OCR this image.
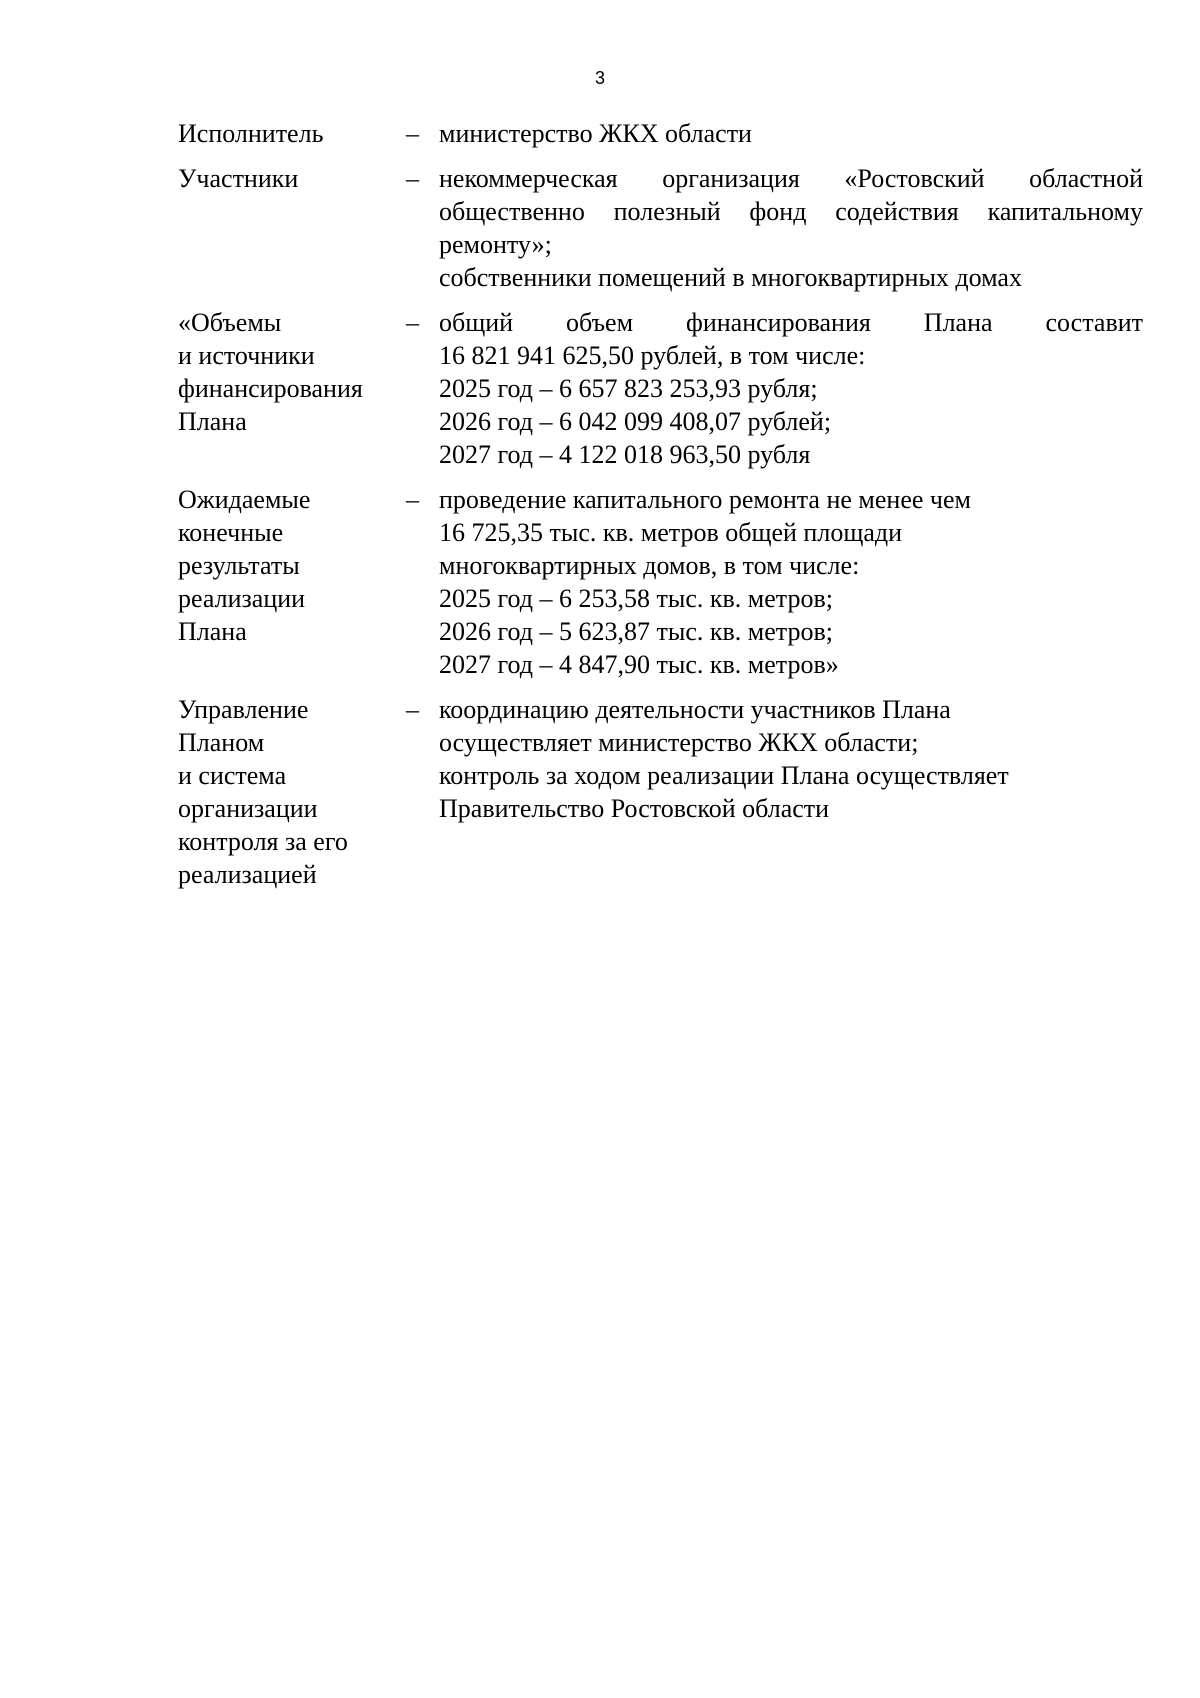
3
Исполнитель	– министерство ЖКХ области
Участники	– некоммерческая организация «Ростовский областной
общественно полезный фонд содействия капитальному
ремонту»;
собственники помещений в многоквартирных домах
«Объемы
и источники
финансирования
Плана
– общий объем финансирования Плана составит
16 821 941 625,50 рублей, в том числе:
2025 год – 6 657 823 253,93 рубля;
2026 год – 6 042 099 408,07 рублей;
2027 год – 4 122 018 963,50 рубля
Ожидаемые
конечные
результаты
реализации
Плана
– проведение капитального ремонта не менее чем
16 725,35 тыс. кв. метров общей площади
многоквартирных домов, в том числе:
2025 год – 6 253,58 тыс. кв. метров;
2026 год – 5 623,87 тыс. кв. метров;
2027 год – 4 847,90 тыс. кв. метров»
Управление
Планом
и система
организации
контроля за его
реализацией
– координацию деятельности участников Плана
осуществляет министерство ЖКХ области;
контроль за ходом реализации Плана осуществляет
Правительство Ростовской области
